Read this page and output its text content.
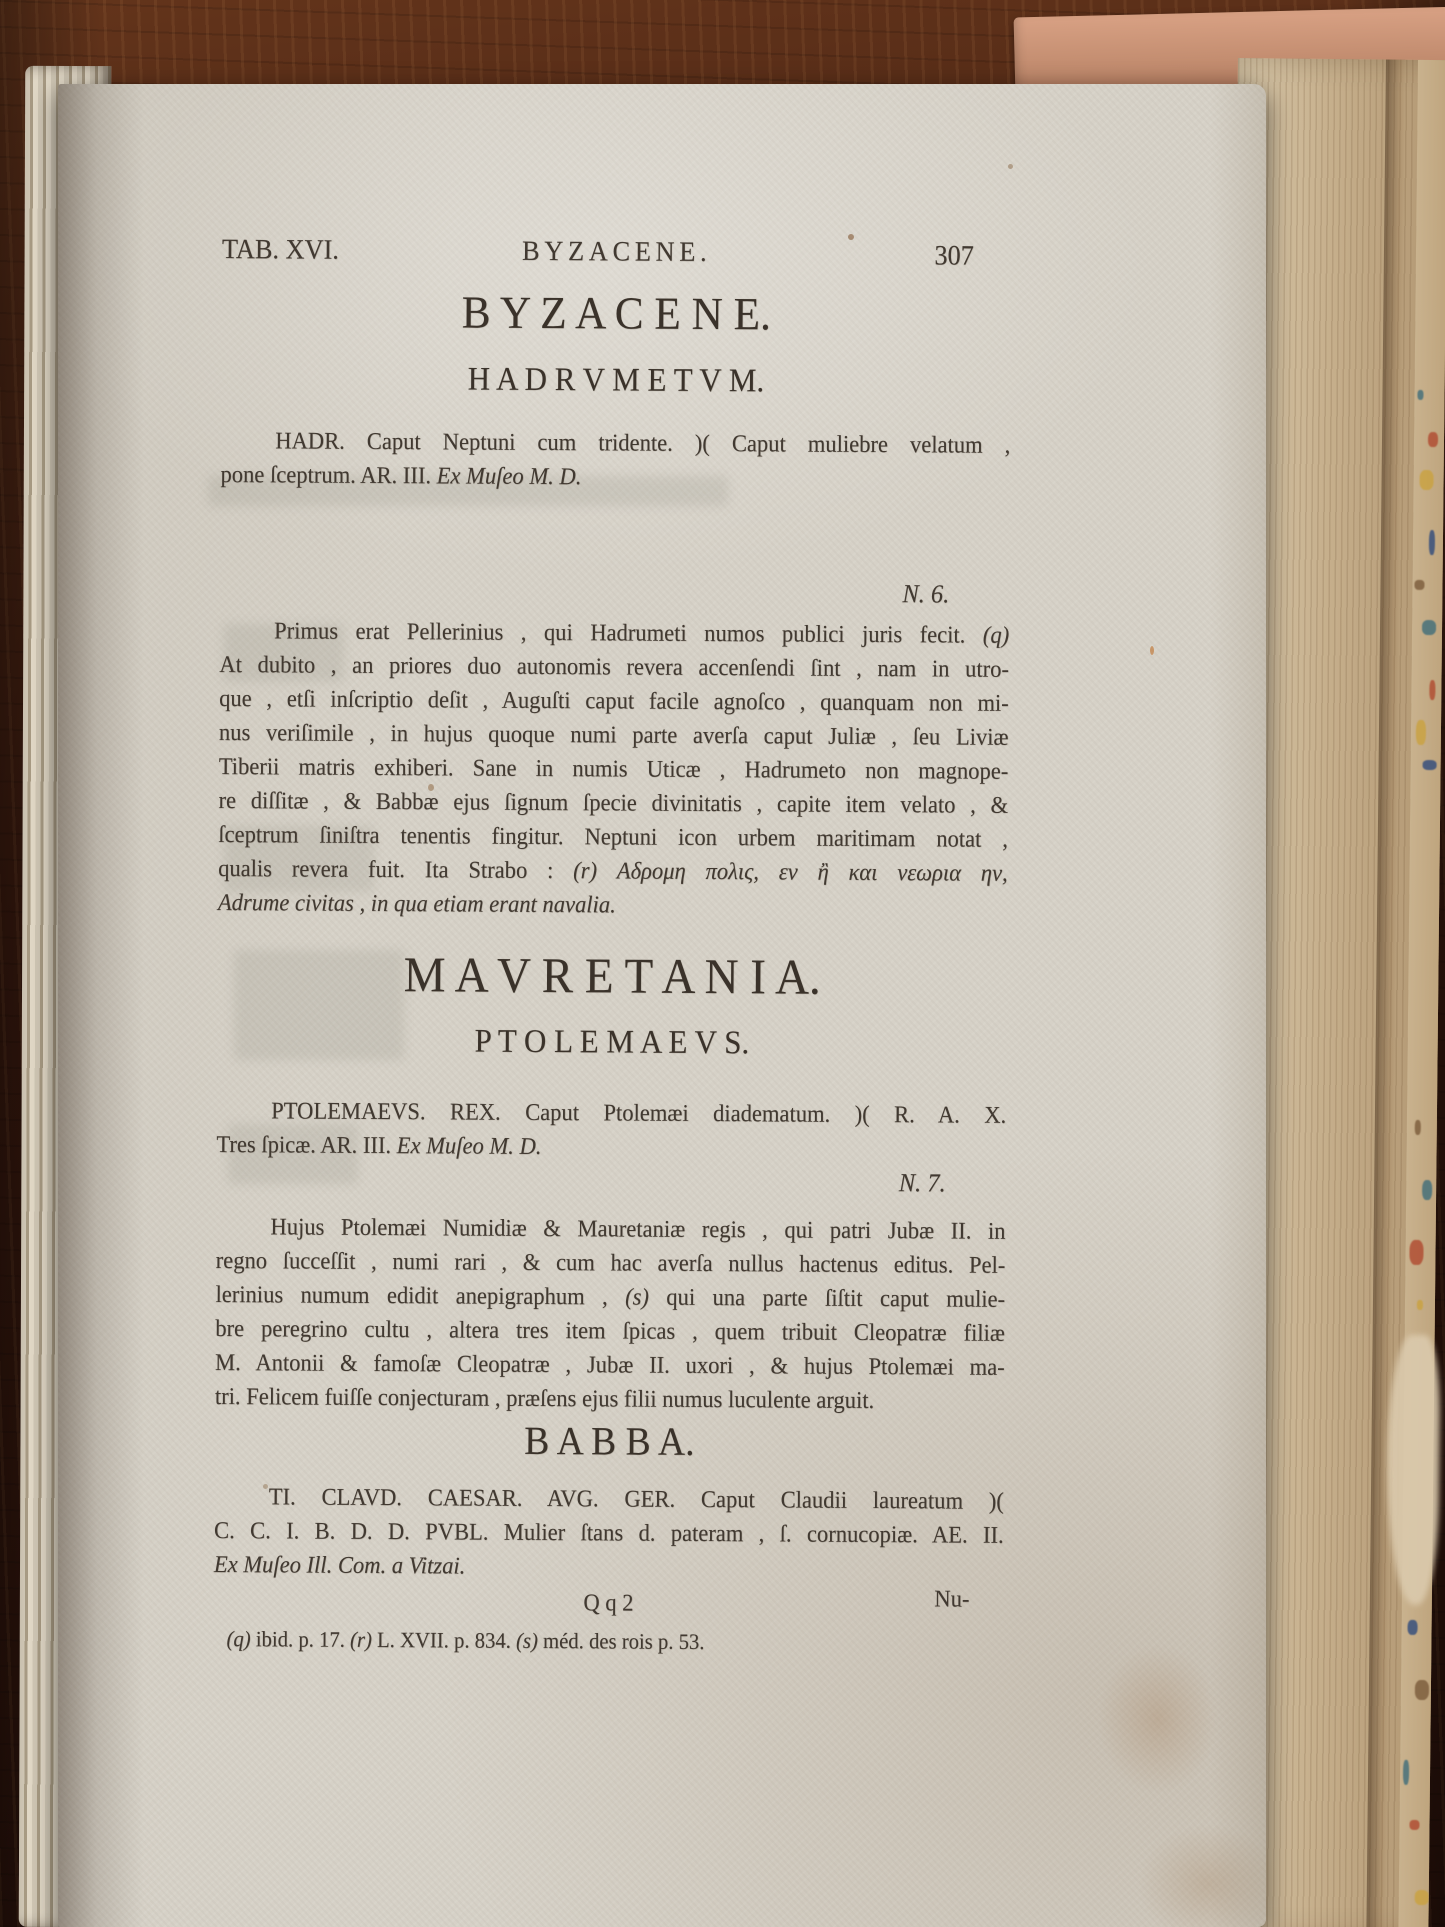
TAB. XVI.	BYZACENE.	307
B Y Z A C E N E.
H A D R V M E T V M.
HADR. Caput Neptuni cum tridente. )( Caput muliebre velatum ,
pone ſceptrum. AR. III. Ex Muſeo M. D.
N. 6.
Primus erat Pellerinius , qui Hadrumeti numos publici juris fecit. (q)
At dubito , an priores duo autonomis revera accenſendi ſint , nam in utro-
que , etſi inſcriptio deſit , Auguſti caput facile agnoſco , quanquam non mi-
nus veriſimile , in hujus quoque numi parte averſa caput Juliæ , ſeu Liviæ
Tiberii matris exhiberi. Sane in numis Uticæ , Hadrumeto non magnope-
re diſſitæ , & Babbæ ejus ſignum ſpecie divinitatis , capite item velato , &
ſceptrum ſiniſtra tenentis fingitur. Neptuni icon urbem maritimam notat ,
qualis revera fuit. Ita Strabo : (r) Αδρομη πολις, εν ἢ και νεωρια ην,
Adrume civitas , in qua etiam erant navalia.
M A V R E T A N I A.
P T O L E M A E V S.
PTOLEMAEVS. REX. Caput Ptolemæi diadematum. )( R. A. X.
Tres ſpicæ. AR. III. Ex Muſeo M. D.
N. 7.
Hujus Ptolemæi Numidiæ & Mauretaniæ regis , qui patri Jubæ II. in
regno ſucceſſit , numi rari , & cum hac averſa nullus hactenus editus. Pel-
lerinius numum edidit anepigraphum , (s) qui una parte ſiſtit caput mulie-
bre peregrino cultu , altera tres item ſpicas , quem tribuit Cleopatræ filiæ
M. Antonii & famoſæ Cleopatræ , Jubæ II. uxori , & hujus Ptolemæi ma-
tri. Felicem fuiſſe conjecturam , præſens ejus filii numus luculente arguit.
B A B B A.
TI. CLAVD. CAESAR. AVG. GER. Caput Claudii laureatum )(
C. C. I. B. D. D. PVBL. Mulier ſtans d. pateram , ſ. cornucopiæ. AE. II.
Ex Muſeo Ill. Com. a Vitzai.
Q q 2	Nu-
(q) ibid. p. 17. (r) L. XVII. p. 834. (s) méd. des rois p. 53.
